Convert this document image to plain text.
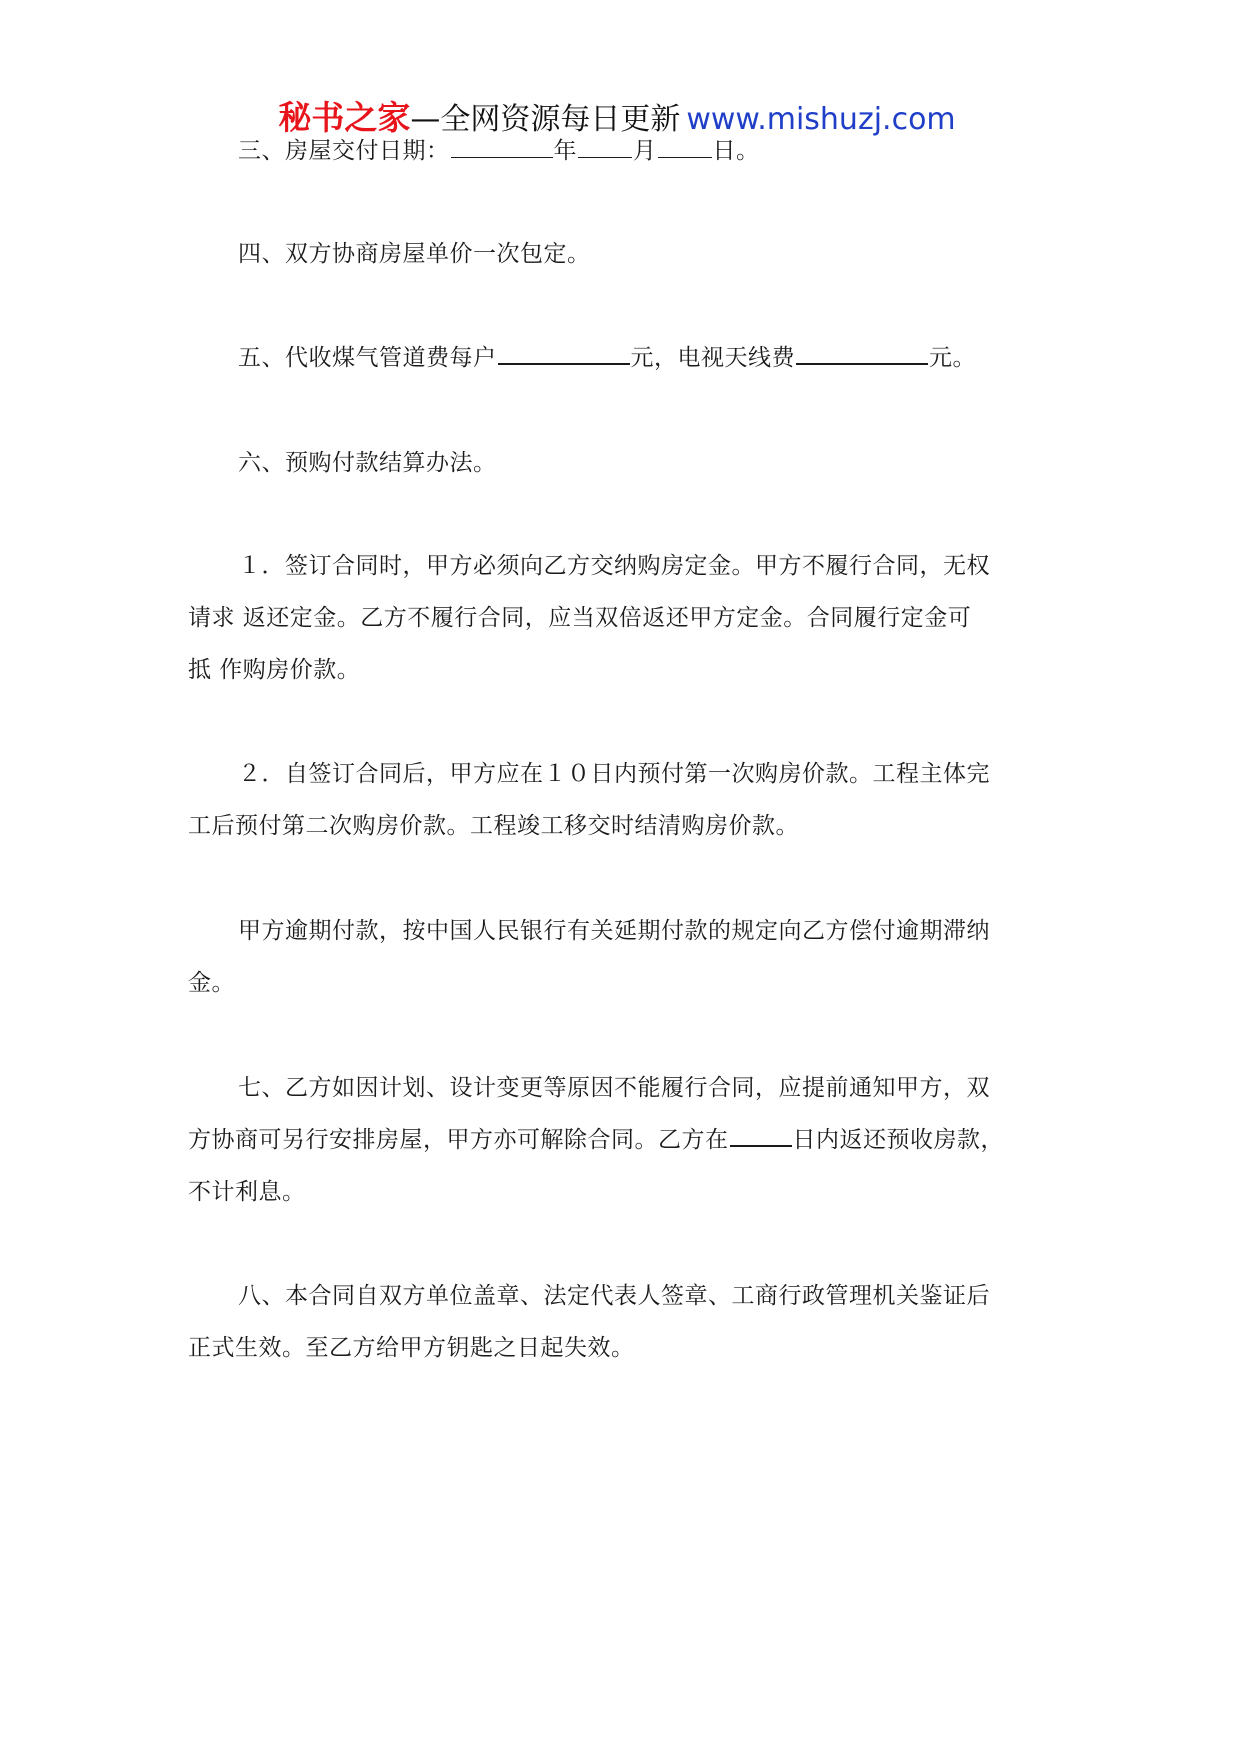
秘书之家—全网资源每日更新 www.mishuzj.com
三、房屋交付日期：	年 月 日。
四、双方协商房屋单价一次包定。
五、代收煤气管道费每户	元，电视天线费	元。
六、预购付款结算办法。
１．签订合同时，甲方必须向乙方交纳购房定金。甲方不履行合同，无权
请求 返还定金。乙方不履行合同，应当双倍返还甲方定金。合同履行定金可
抵 作购房价款。
２．自签订合同后，甲方应在１０日内预付第一次购房价款。工程主体完
工后预付第二次购房价款。工程竣工移交时结清购房价款。
甲方逾期付款，按中国人民银行有关延期付款的规定向乙方偿付逾期滞纳
金。
七、乙方如因计划、设计变更等原因不能履行合同，应提前通知甲方，双
方协商可另行安排房屋，甲方亦可解除合同。乙方在	日内返还预收房款，
不计利息。
八、本合同自双方单位盖章、法定代表人签章、工商行政管理机关鉴证后
正式生效。至乙方给甲方钥匙之日起失效。
